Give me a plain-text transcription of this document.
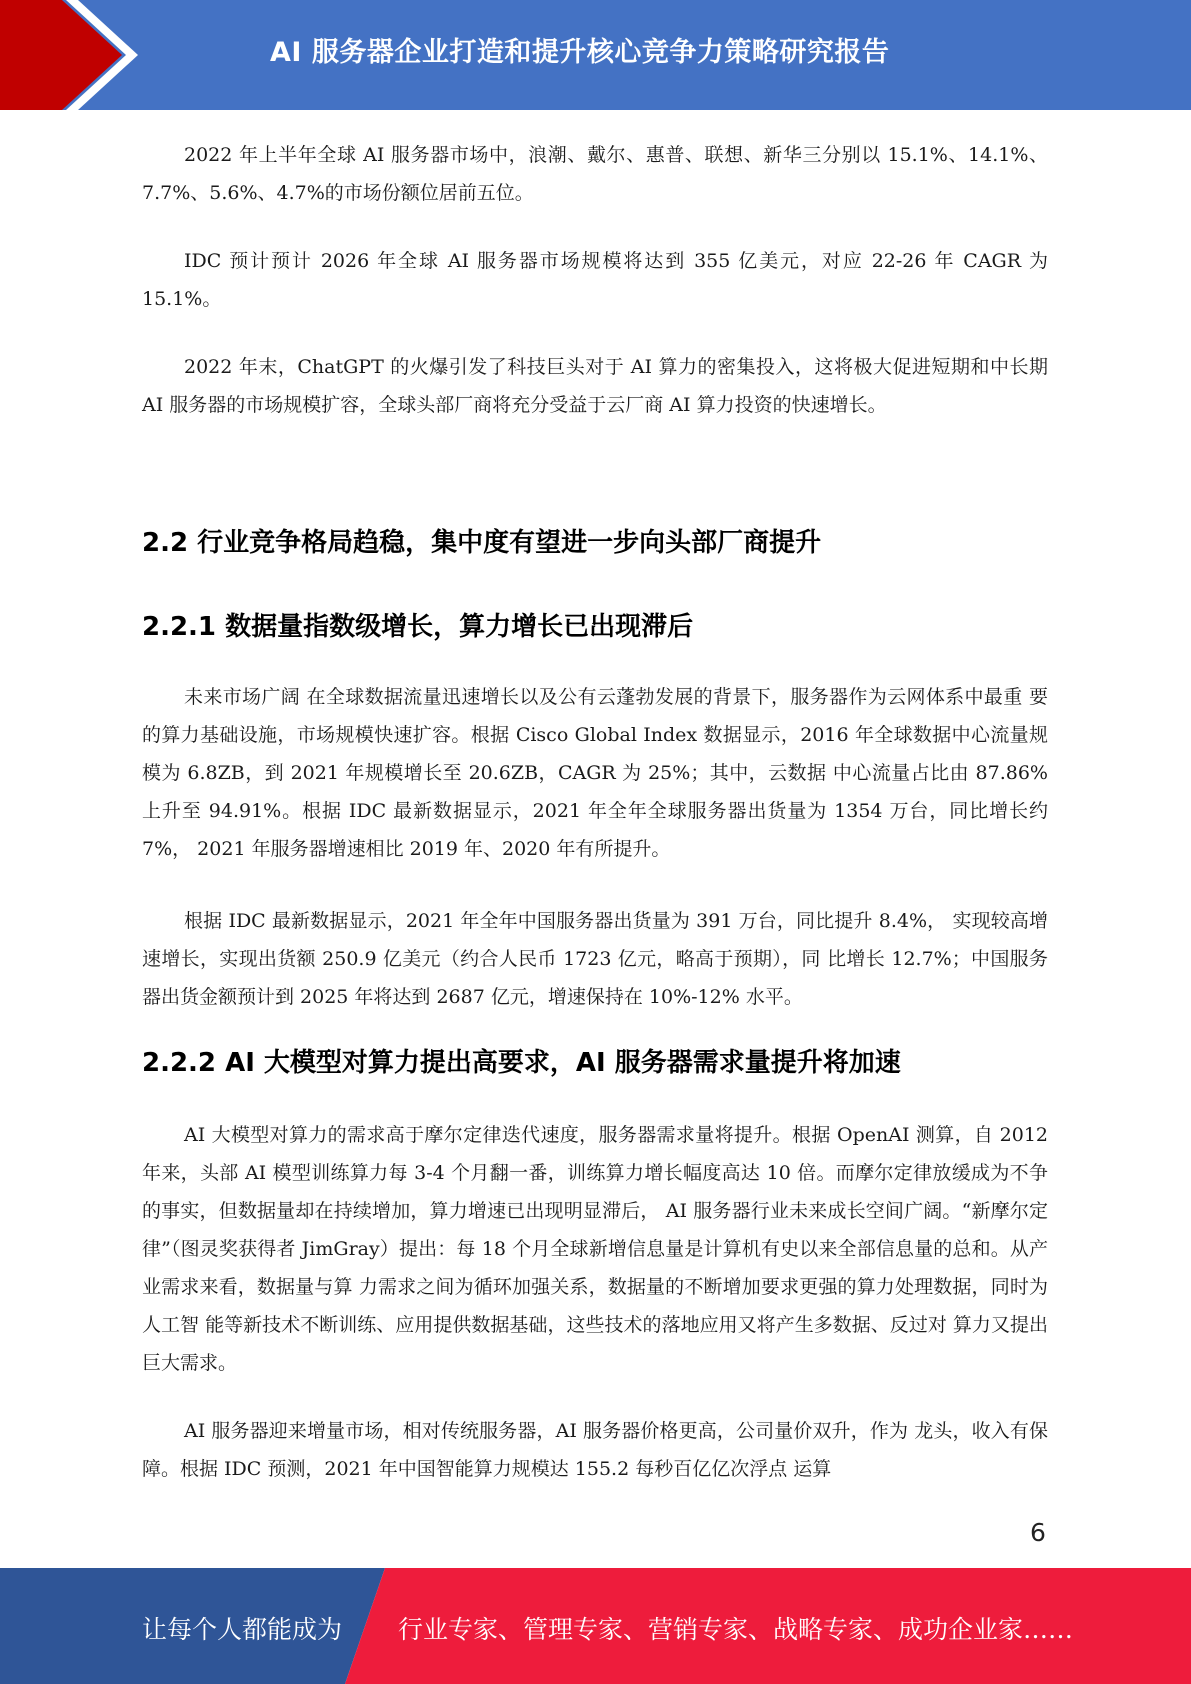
AI 服务器企业打造和提升核心竞争力策略研究报告

2022 年上半年全球 AI 服务器市场中，浪潮、戴尔、惠普、联想、新华三分别以 15.1%、14.1%、7.7%、5.6%、4.7%的市场份额位居前五位。

IDC 预计预计 2026 年全球 AI 服务器市场规模将达到 355 亿美元，对应 22-26 年 CAGR 为 15.1%。

2022 年末，ChatGPT 的火爆引发了科技巨头对于 AI 算力的密集投入，这将极大促进短期和中长期 AI 服务器的市场规模扩容，全球头部厂商将充分受益于云厂商 AI 算力投资的快速增长。

2.2 行业竞争格局趋稳，集中度有望进一步向头部厂商提升
2.2.1 数据量指数级增长，算力增长已出现滞后

未来市场广阔 在全球数据流量迅速增长以及公有云蓬勃发展的背景下，服务器作为云网体系中最重 要的算力基础设施，市场规模快速扩容。根据 Cisco Global Index 数据显示，2016 年全球数据中心流量规模为 6.8ZB，到 2021 年规模增长至 20.6ZB，CAGR 为 25%；其中，云数据 中心流量占比由 87.86%上升至 94.91%。根据 IDC 最新数据显示，2021 年全年全球服务器出货量为 1354 万台，同比增长约 7%， 2021 年服务器增速相比 2019 年、2020 年有所提升。

根据 IDC 最新数据显示，2021 年全年中国服务器出货量为 391 万台，同比提升 8.4%， 实现较高增速增长，实现出货额 250.9 亿美元（约合人民币 1723 亿元，略高于预期），同 比增长 12.7%；中国服务器出货金额预计到 2025 年将达到 2687 亿元，增速保持在 10%-12% 水平。

2.2.2 AI 大模型对算力提出高要求，AI 服务器需求量提升将加速

AI 大模型对算力的需求高于摩尔定律迭代速度，服务器需求量将提升。根据 OpenAI 测算，自 2012 年来，头部 AI 模型训练算力每 3-4 个月翻一番，训练算力增长幅度高达 10 倍。而摩尔定律放缓成为不争的事实，但数据量却在持续增加，算力增速已出现明显滞后， AI 服务器行业未来成长空间广阔。“新摩尔定律”（图灵奖获得者 JimGray）提出：每 18 个月全球新增信息量是计算机有史以来全部信息量的总和。从产业需求来看，数据量与算 力需求之间为循环加强关系，数据量的不断增加要求更强的算力处理数据，同时为人工智 能等新技术不断训练、应用提供数据基础，这些技术的落地应用又将产生多数据、反过对 算力又提出巨大需求。

AI 服务器迎来增量市场，相对传统服务器，AI 服务器价格更高，公司量价双升，作为 龙头，收入有保障。根据 IDC 预测，2021 年中国智能算力规模达 155.2 每秒百亿亿次浮点 运算

6
让每个人都能成为 行业专家、管理专家、营销专家、战略专家、成功企业家……
